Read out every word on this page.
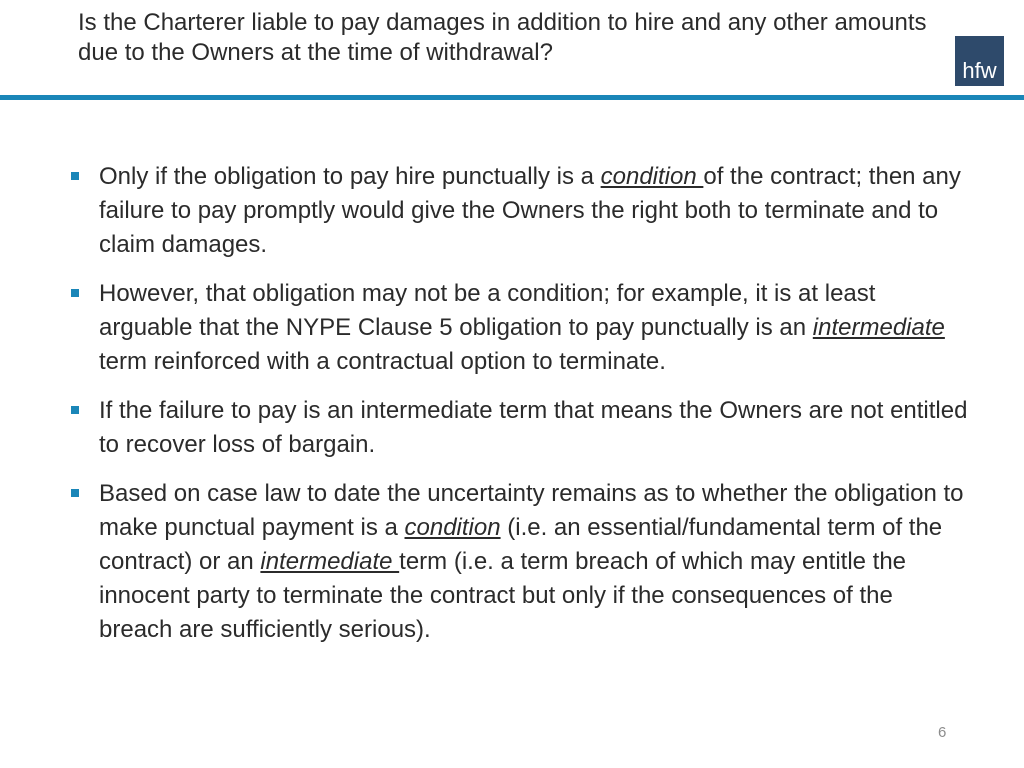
Is the Charterer liable to pay damages in addition to hire and any other amounts due to the Owners at the time of withdrawal?
hfw
Only if the obligation to pay hire punctually is a condition of the contract; then any failure to pay promptly would give the Owners the right both to terminate and to claim damages.
However, that obligation may not be a condition; for example, it is at least arguable that the NYPE Clause 5 obligation to pay punctually is an intermediate term reinforced with a contractual option to terminate.
If the failure to pay is an intermediate term that means the Owners are not entitled to recover loss of bargain.
Based on case law to date the uncertainty remains as to whether the obligation to make punctual payment is a condition (i.e. an essential/fundamental term of the contract) or an intermediate term (i.e. a term breach of which may entitle the innocent party to terminate the contract but only if the consequences of the breach are sufficiently serious).
6
